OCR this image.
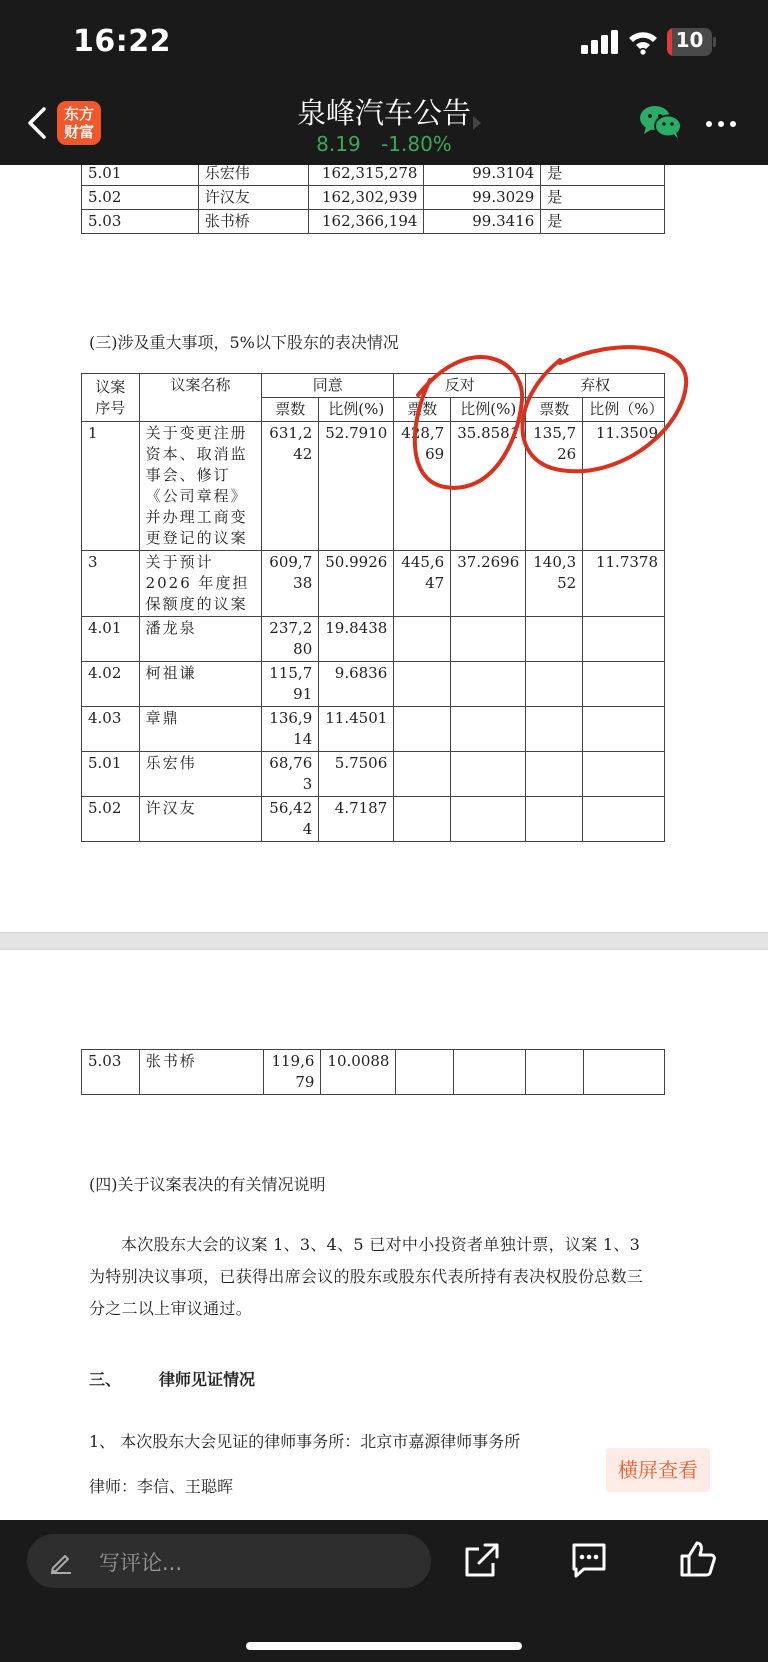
16:22	10
东方
财富
泉峰汽车公告
8.19 -1.80%

5.01	乐宏伟	162,315,278	99.3104	是
5.02	许汉友	162,302,939	99.3029	是
5.03	张书桥	162,366,194	99.3416	是
(三)涉及重大事项，5%以下股东的表决情况
议案序号	议案名称	同意		反对		弃权	
		票数	比例(%)	票数	比例(%)	票数	比例（%）
1	关于变更注册资本、取消监事会、修订《公司章程》并办理工商变更登记的议案	631,242	52.7910	428,769	35.8581	135,726	11.3509
3	关于预计 2026 年度担保额度的议案	609,738	50.9926	445,647	37.2696	140,352	11.7378
4.01	潘龙泉	237,280	19.8438				
4.02	柯祖谦	115,791	9.6836				
4.03	章鼎	136,914	11.4501				
5.01	乐宏伟	68,763	5.7506				
5.02	许汉友	56,424	4.7187				
5.03	张书桥	119,679	10.0088				
(四)关于议案表决的有关情况说明
本次股东大会的议案 1、3、4、5 已对中小投资者单独计票，议案 1、3 为特别决议事项，已获得出席会议的股东或股东代表所持有表决权股份总数三分之二以上审议通过。
三、 律师见证情况
1、 本次股东大会见证的律师事务所：北京市嘉源律师事务所
律师：李信、王聪晖
横屏查看
写评论...
